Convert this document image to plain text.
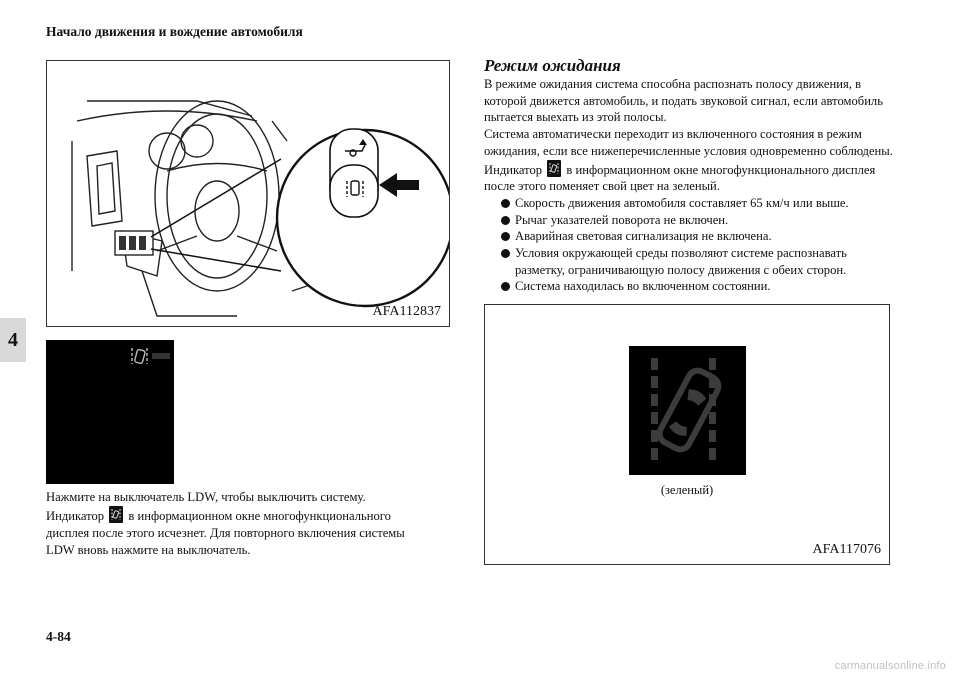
Начало движения и вождение автомобиля
4
AFA112837

Нажмите на выключатель LDW, чтобы выключить систему.

Индикатор в информационном окне многофункционального

дисплея после этого исчезнет. Для повторного включения системы

LDW вновь нажмите на выключатель.

Режим ожидания

В режиме ожидания система способна распознать полосу движения, в которой движется автомобиль, и подать звуковой сигнал, если автомобиль пытается выехать из этой полосы.

Система автоматически переходит из включенного состояния в режим ожидания, если все нижеперечисленные условия одновременно соблюдены. Индикатор в информационном окне многофункционального дисплея после этого поменяет свой цвет на зеленый.

Скорость движения автомобиля составляет 65 км/ч или выше.
Рычаг указателей поворота не включен.
Аварийная световая сигнализация не включена.
Условия окружающей среды позволяют системе распознавать разметку, ограничивающую полосу движения с обеих сторон.
Система находилась во включенном состоянии.
(зеленый)
AFA117076
4-84
carmanualsonline.info
